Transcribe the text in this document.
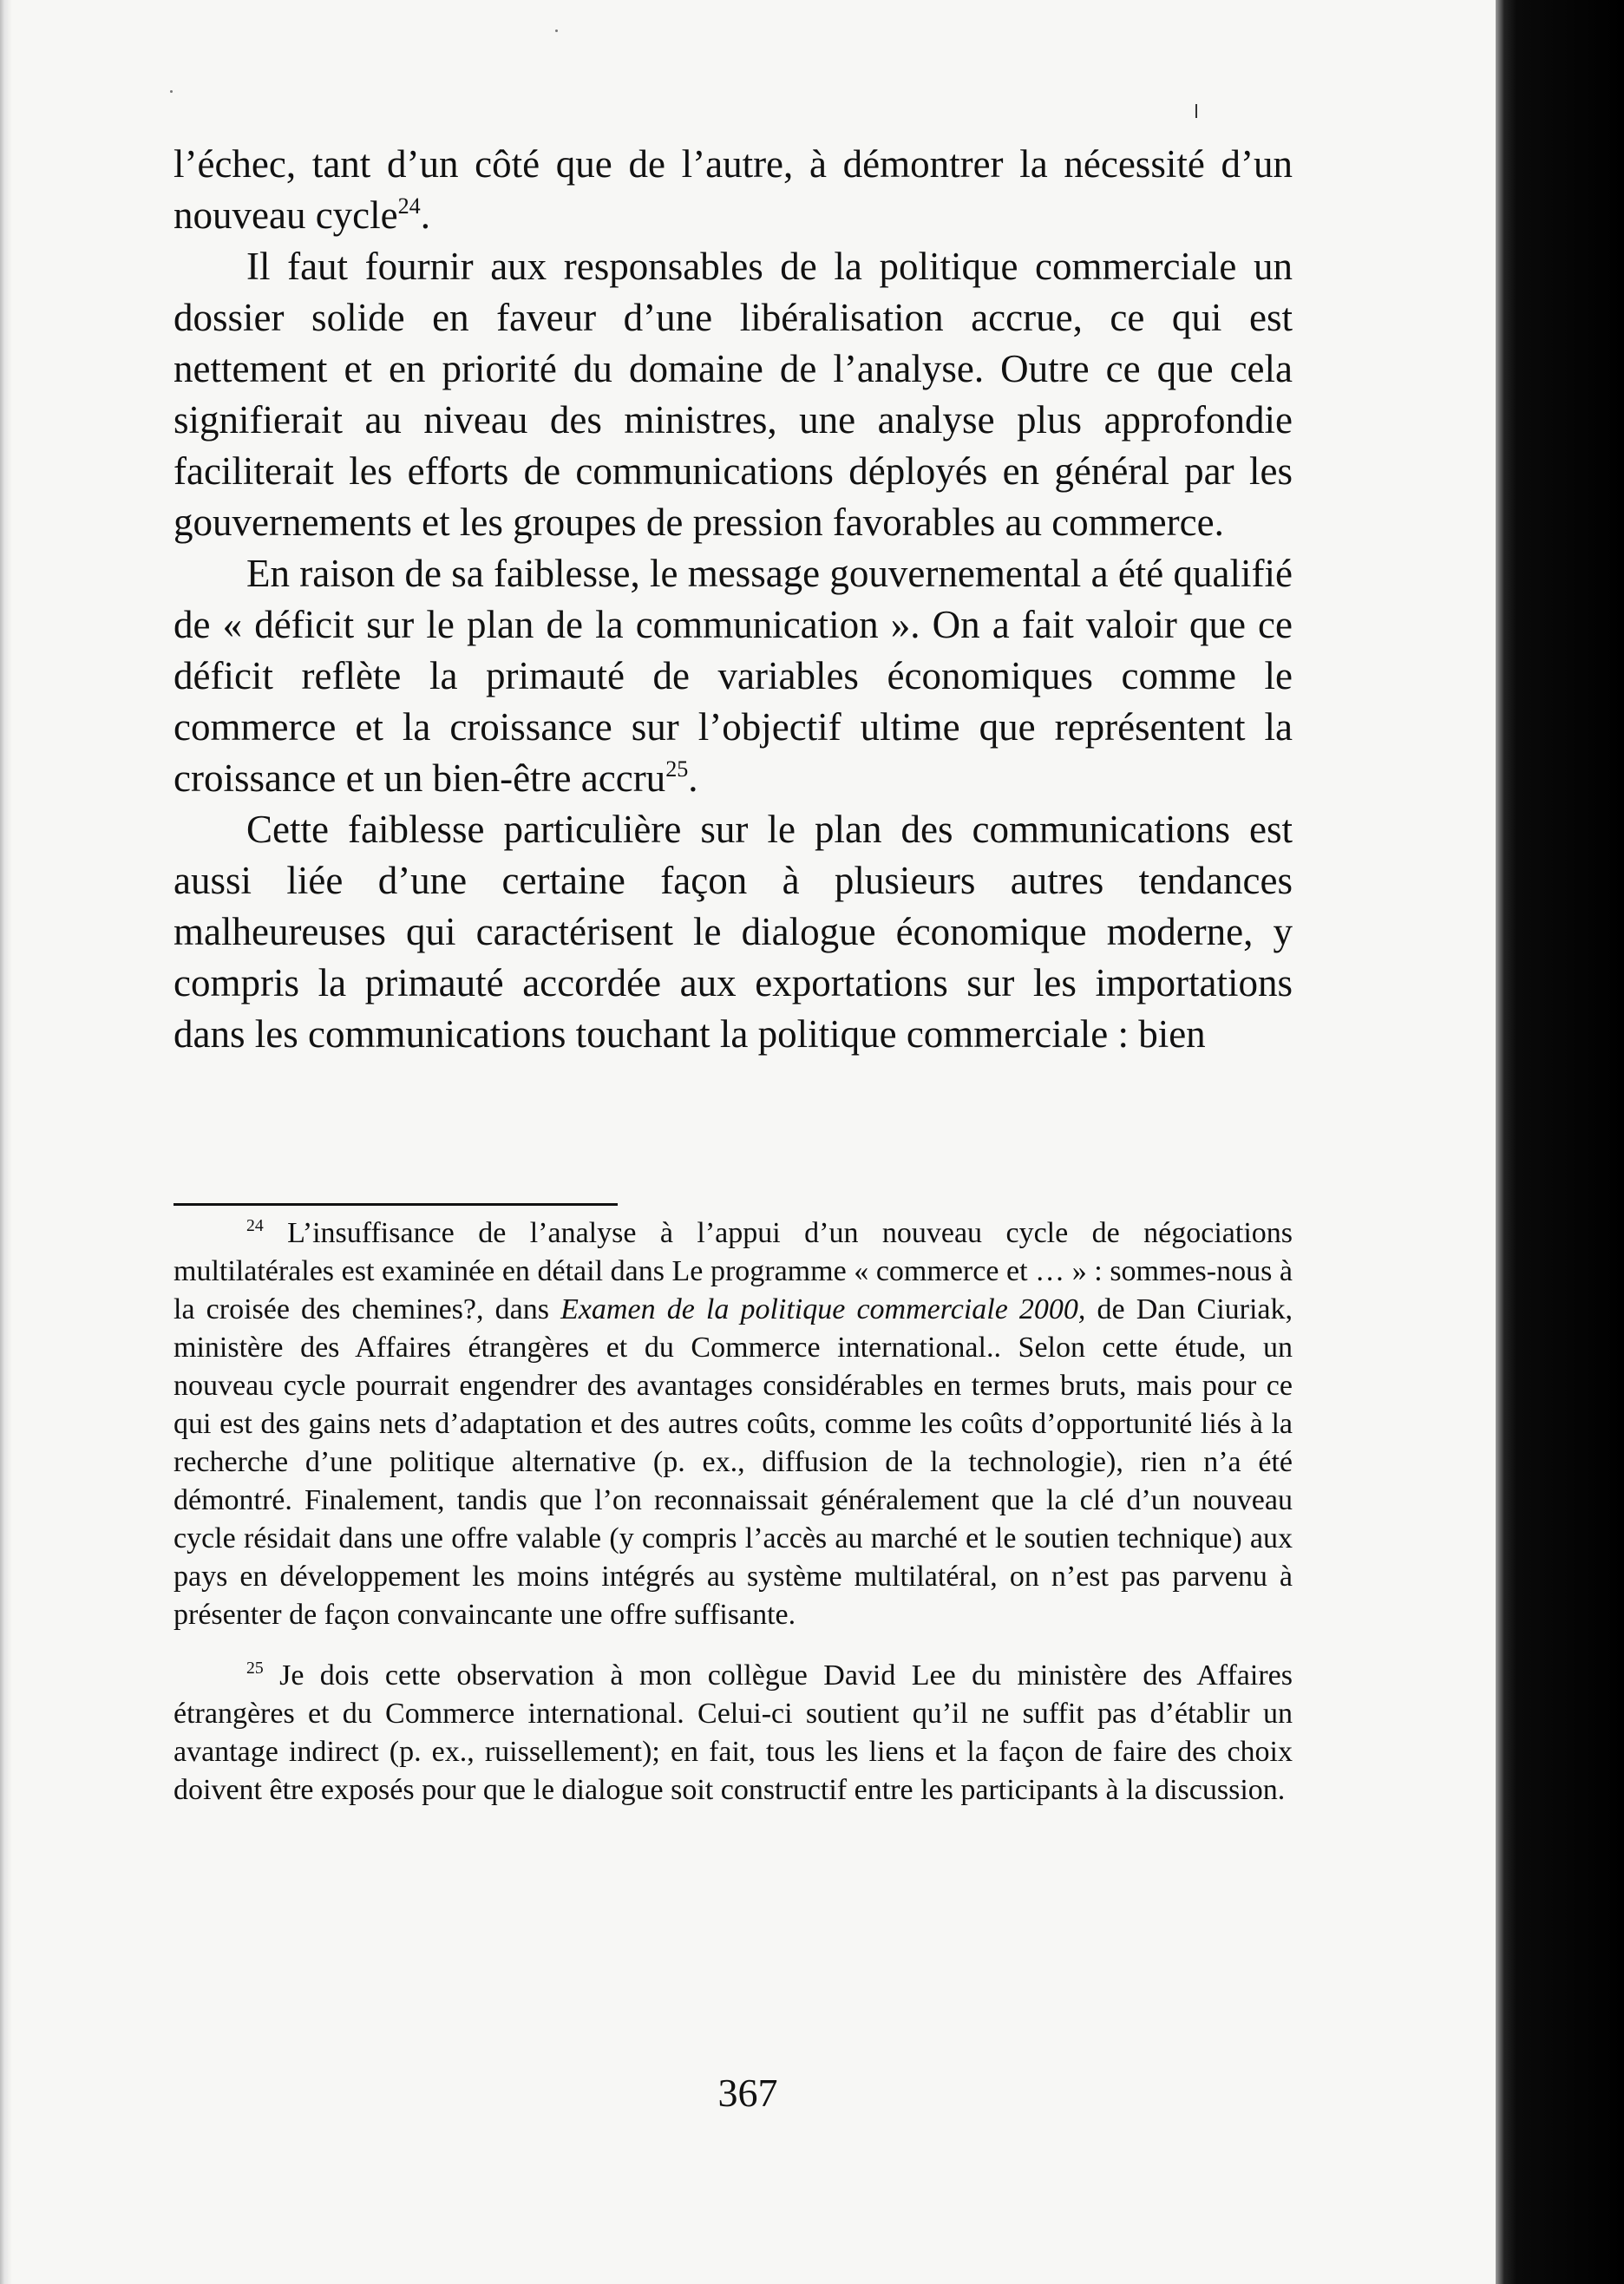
l’échec, tant d’un côté que de l’autre, à démontrer la nécessité d’un nouveau cycle$^{24}$.

Il faut fournir aux responsables de la politique commerciale un dossier solide en faveur d’une libéralisation accrue, ce qui est nettement et en priorité du domaine de l’analyse. Outre ce que cela signifierait au niveau des ministres, une analyse plus approfondie faciliterait les efforts de communications déployés en général par les gouvernements et les groupes de pression favorables au commerce.

En raison de sa faiblesse, le message gouvernemental a été qualifié de « déficit sur le plan de la communication ». On a fait valoir que ce déficit reflète la primauté de variables économiques comme le commerce et la croissance sur l’objectif ultime que représentent la croissance et un bien-être accru$^{25}$.

Cette faiblesse particulière sur le plan des communications est aussi liée d’une certaine façon à plusieurs autres tendances malheureuses qui caractérisent le dialogue économique moderne, y compris la primauté accordée aux exportations sur les importations dans les communications touchant la politique commerciale : bien

$^{24}$ L’insuffisance de l’analyse à l’appui d’un nouveau cycle de négociations multilatérales est examinée en détail dans Le programme « commerce et … » : sommes-nous à la croisée des chemines?, dans Examen de la politique commerciale 2000, de Dan Ciuriak, ministère des Affaires étrangères et du Commerce international.. Selon cette étude, un nouveau cycle pourrait engendrer des avantages considérables en termes bruts, mais pour ce qui est des gains nets d’adaptation et des autres coûts, comme les coûts d’opportunité liés à la recherche d’une politique alternative (p. ex., diffusion de la technologie), rien n’a été démontré. Finalement, tandis que l’on reconnaissait généralement que la clé d’un nouveau cycle résidait dans une offre valable (y compris l’accès au marché et le soutien technique) aux pays en développement les moins intégrés au système multilatéral, on n’est pas parvenu à présenter de façon convaincante une offre suffisante.

$^{25}$ Je dois cette observation à mon collègue David Lee du ministère des Affaires étrangères et du Commerce international. Celui-ci soutient qu’il ne suffit pas d’établir un avantage indirect (p. ex., ruissellement); en fait, tous les liens et la façon de faire des choix doivent être exposés pour que le dialogue soit constructif entre les participants à la discussion.

367
